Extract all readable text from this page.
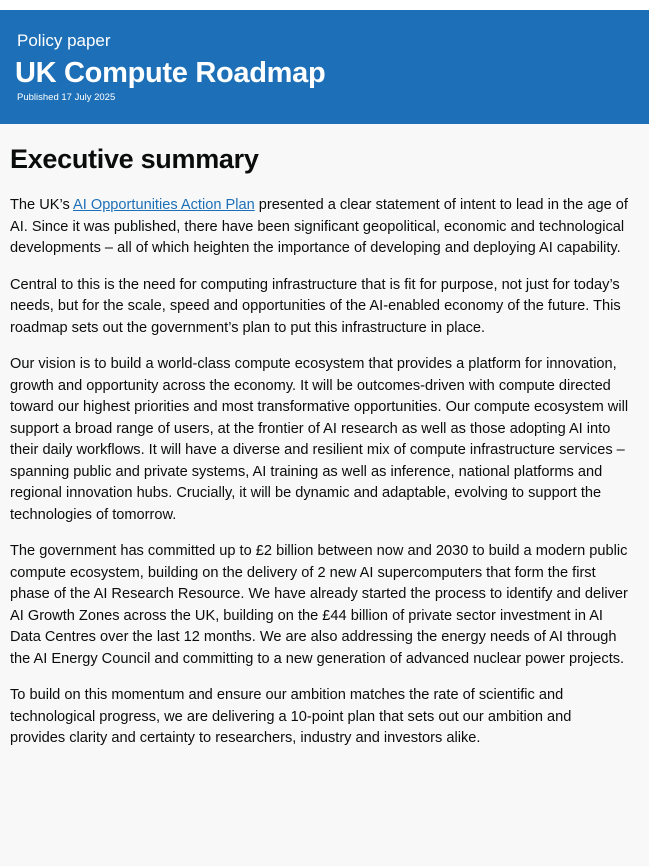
Policy paper
UK Compute Roadmap
Published 17 July 2025
Executive summary

The UK’s AI Opportunities Action Plan presented a clear statement of intent to lead in the age of AI. Since it was published, there have been significant geopolitical, economic and technological developments – all of which heighten the importance of developing and deploying AI capability.

Central to this is the need for computing infrastructure that is fit for purpose, not just for today’s needs, but for the scale, speed and opportunities of the AI-enabled economy of the future. This roadmap sets out the government’s plan to put this infrastructure in place.

Our vision is to build a world-class compute ecosystem that provides a platform for innovation, growth and opportunity across the economy. It will be outcomes-driven with compute directed toward our highest priorities and most transformative opportunities. Our compute ecosystem will support a broad range of users, at the frontier of AI research as well as those adopting AI into their daily workflows. It will have a diverse and resilient mix of compute infrastructure services – spanning public and private systems, AI training as well as inference, national platforms and regional innovation hubs. Crucially, it will be dynamic and adaptable, evolving to support the technologies of tomorrow.

The government has committed up to £2 billion between now and 2030 to build a modern public compute ecosystem, building on the delivery of 2 new AI supercomputers that form the first phase of the AI Research Resource. We have already started the process to identify and deliver AI Growth Zones across the UK, building on the £44 billion of private sector investment in AI Data Centres over the last 12 months. We are also addressing the energy needs of AI through the AI Energy Council and committing to a new generation of advanced nuclear power projects.

To build on this momentum and ensure our ambition matches the rate of scientific and technological progress, we are delivering a 10-point plan that sets out our ambition and provides clarity and certainty to researchers, industry and investors alike.
